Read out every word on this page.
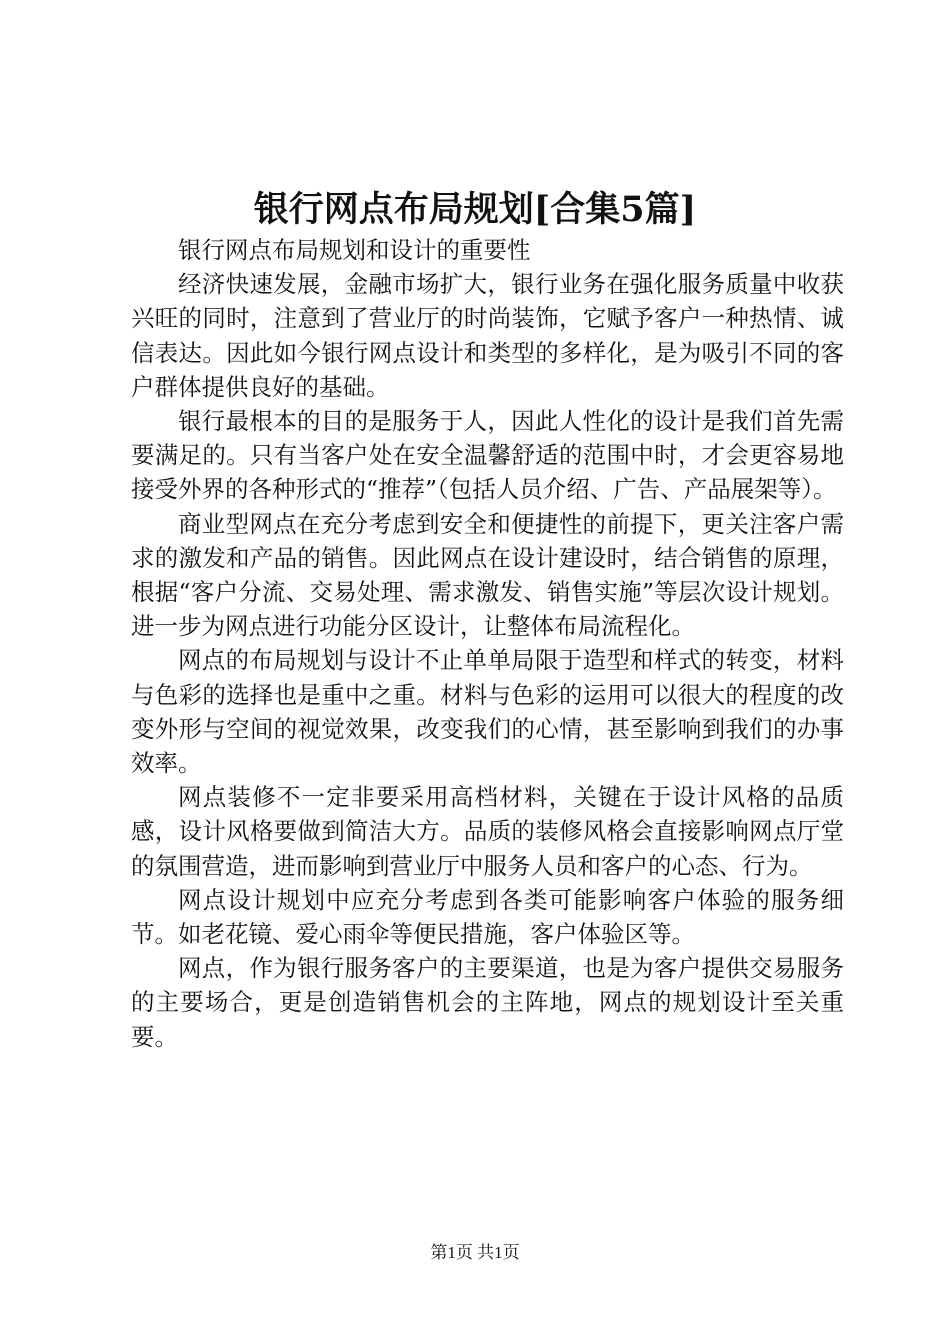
银行网点布局规划[合集5篇]

银行网点布局规划和设计的重要性

经济快速发展，金融市场扩大，银行业务在强化服务质量中收获兴旺的同时，注意到了营业厅的时尚装饰，它赋予客户一种热情、诚信表达。因此如今银行网点设计和类型的多样化，是为吸引不同的客户群体提供良好的基础。

银行最根本的目的是服务于人，因此人性化的设计是我们首先需要满足的。只有当客户处在安全温馨舒适的范围中时，才会更容易地接受外界的各种形式的“推荐”（包括人员介绍、广告、产品展架等）。

商业型网点在充分考虑到安全和便捷性的前提下，更关注客户需求的激发和产品的销售。因此网点在设计建设时，结合销售的原理，根据“客户分流、交易处理、需求激发、销售实施”等层次设计规划。进一步为网点进行功能分区设计，让整体布局流程化。

网点的布局规划与设计不止单单局限于造型和样式的转变，材料与色彩的选择也是重中之重。材料与色彩的运用可以很大的程度的改变外形与空间的视觉效果，改变我们的心情，甚至影响到我们的办事效率。

网点装修不一定非要采用高档材料，关键在于设计风格的品质感，设计风格要做到简洁大方。品质的装修风格会直接影响网点厅堂的氛围营造，进而影响到营业厅中服务人员和客户的心态、行为。

网点设计规划中应充分考虑到各类可能影响客户体验的服务细节。如老花镜、爱心雨伞等便民措施，客户体验区等。

网点，作为银行服务客户的主要渠道，也是为客户提供交易服务的主要场合，更是创造销售机会的主阵地，网点的规划设计至关重要。

第1页 共1页
